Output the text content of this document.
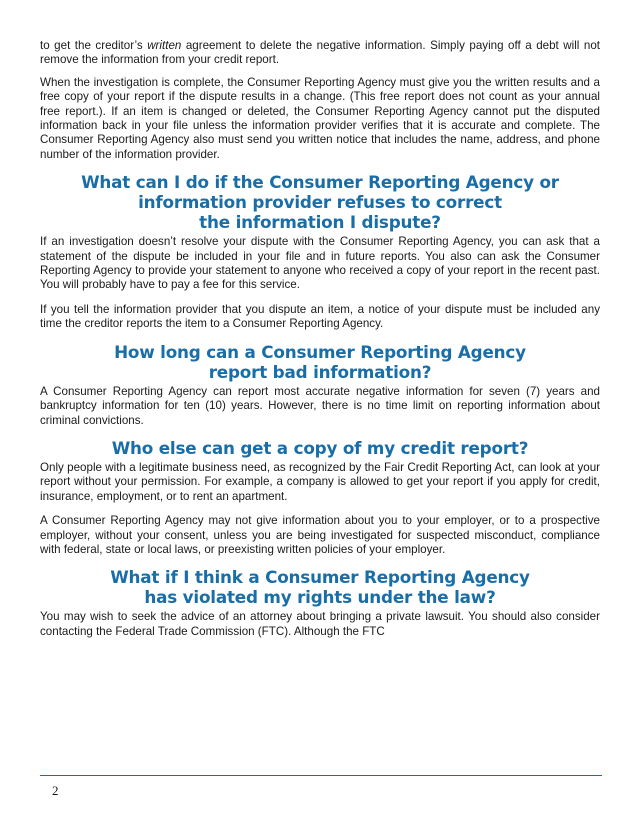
to get the creditor’s written agreement to delete the negative information. Simply paying off a debt will not remove the information from your credit report.

When the investigation is complete, the Consumer Reporting Agency must give you the written results and a free copy of your report if the dispute results in a change. (This free report does not count as your annual free report.). If an item is changed or deleted, the Consumer Reporting Agency cannot put the disputed information back in your file unless the information provider verifies that it is accurate and complete. The Consumer Reporting Agency also must send you written notice that includes the name, address, and phone number of the information provider.

What can I do if the Consumer Reporting Agency or
information provider refuses to correct
the information I dispute?

If an investigation doesn’t resolve your dispute with the Consumer Reporting Agency, you can ask that a statement of the dispute be included in your file and in future reports. You also can ask the Consumer Reporting Agency to provide your statement to anyone who received a copy of your report in the recent past. You will probably have to pay a fee for this service.

If you tell the information provider that you dispute an item, a notice of your dispute must be included any time the creditor reports the item to a Consumer Reporting Agency.

How long can a Consumer Reporting Agency
report bad information?

A Consumer Reporting Agency can report most accurate negative information for seven (7) years and bankruptcy information for ten (10) years. However, there is no time limit on reporting information about criminal convictions.

Who else can get a copy of my credit report?

Only people with a legitimate business need, as recognized by the Fair Credit Reporting Act, can look at your report without your permission. For example, a company is allowed to get your report if you apply for credit, insurance, employment, or to rent an apartment.

A Consumer Reporting Agency may not give information about you to your employer, or to a prospective employer, without your consent, unless you are being investigated for suspected misconduct, compliance with federal, state or local laws, or preexisting written policies of your employer.

What if I think a Consumer Reporting Agency
has violated my rights under the law?

You may wish to seek the advice of an attorney about bringing a private lawsuit. You should also consider contacting the Federal Trade Commission (FTC). Although the FTC

2
